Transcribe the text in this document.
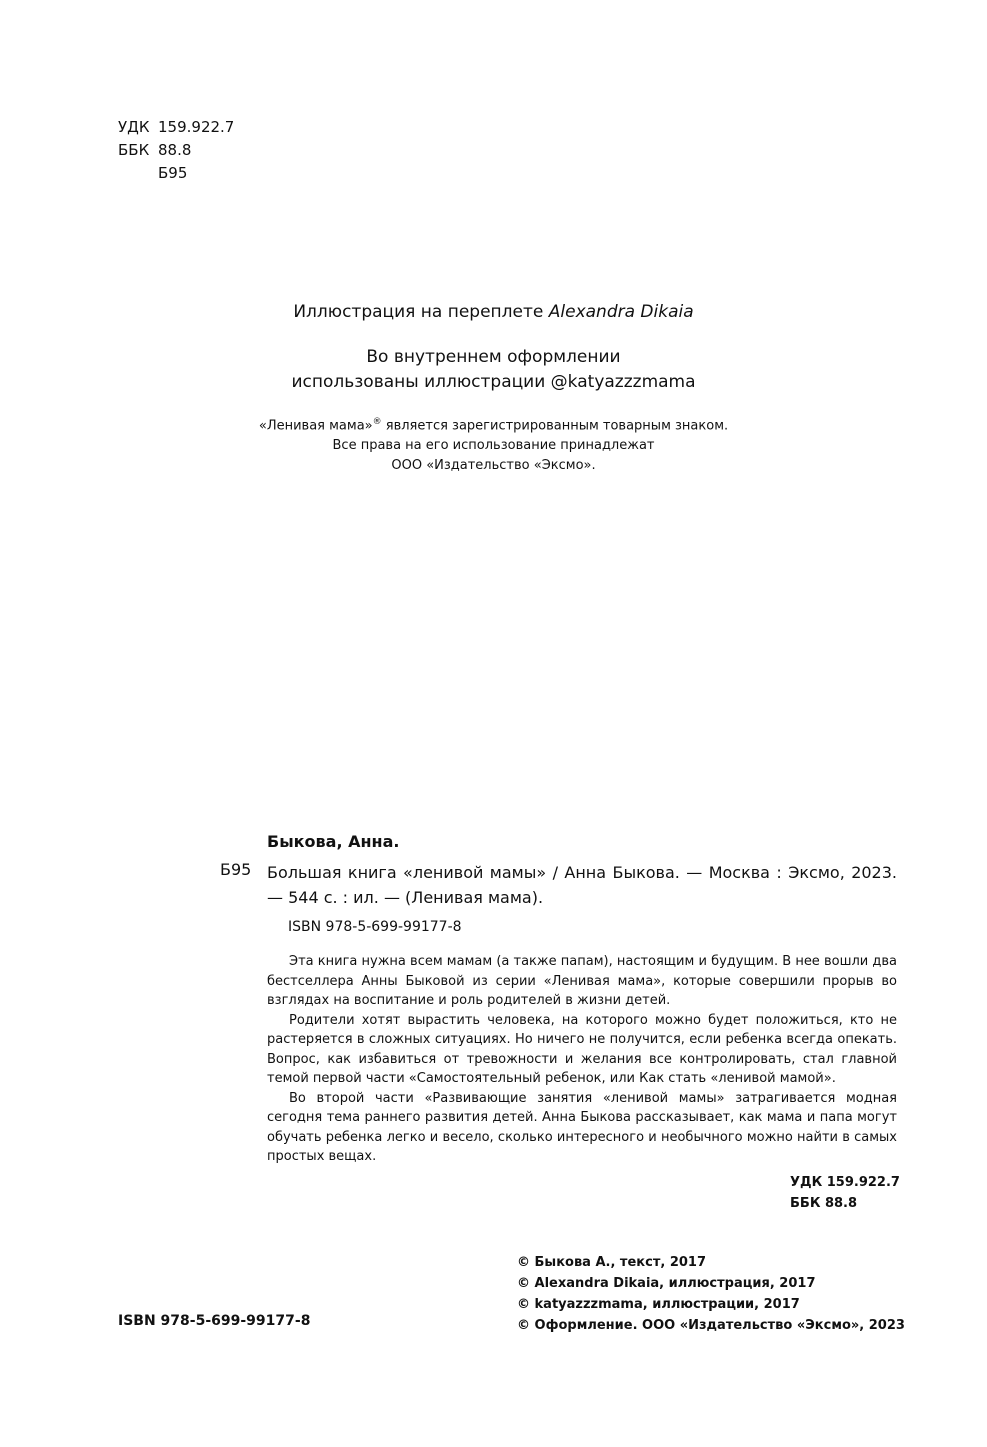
УДК 159.922.7
ББК 88.8
Б95
Иллюстрация на переплете Alexandra Dikaia
Во внутреннем оформлении
использованы иллюстрации @katyazzzmama
«Ленивая мама»® является зарегистрированным товарным знаком.
Все права на его использование принадлежат
ООО «Издательство «Эксмо».
Быкова, Анна.
Б95 Большая книга «ленивой мамы» / Анна Быкова. — Москва : Эксмо, 2023. — 544 с. : ил. — (Ленивая мама).
ISBN 978-5-699-99177-8

Эта книга нужна всем мамам (а также папам), настоящим и будущим. В нее вошли два бестселлера Анны Быковой из серии «Ленивая мама», которые совершили прорыв во взглядах на воспитание и роль родителей в жизни детей.

Родители хотят вырастить человека, на которого можно будет положиться, кто не растеряется в сложных ситуациях. Но ничего не получится, если ребенка всегда опекать. Вопрос, как избавиться от тревожности и желания все контролировать, стал главной темой первой части «Самостоятельный ребенок, или Как стать «ленивой мамой».

Во второй части «Развивающие занятия «ленивой мамы» затрагивается модная сегодня тема раннего развития детей. Анна Быкова рассказывает, как мама и папа могут обучать ребенка легко и весело, сколько интересного и необычного можно найти в самых простых вещах.

УДК 159.922.7
ББК 88.8
© Быкова А., текст, 2017
© Alexandra Dikaia, иллюстрация, 2017
© katyazzzmama, иллюстрации, 2017
© Оформление. ООО «Издательство «Эксмо», 2023
ISBN 978-5-699-99177-8
